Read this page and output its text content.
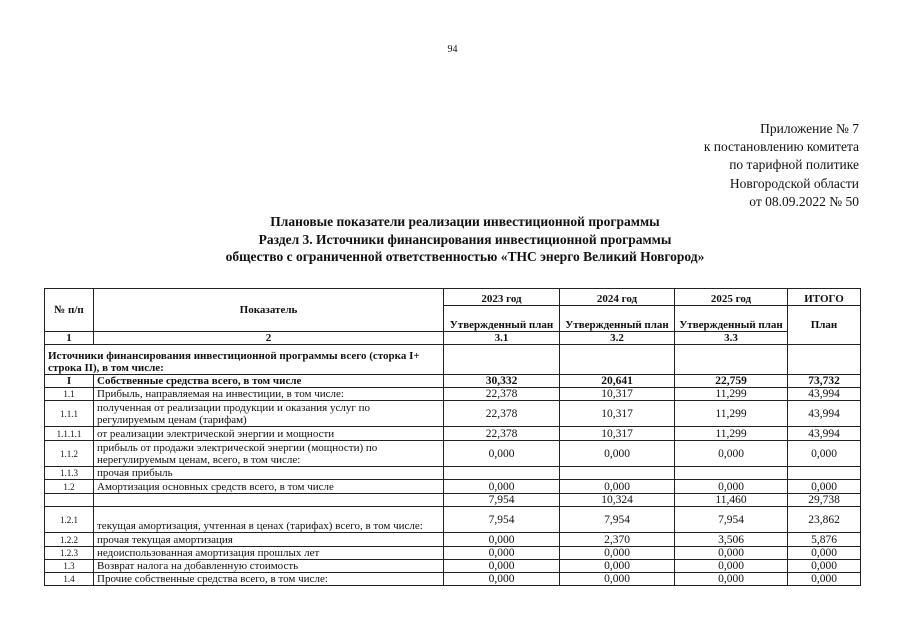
94
Приложение № 7
к постановлению комитета
по тарифной политике
Новгородской области
от 08.09.2022 № 50
Плановые показатели реализации инвестиционной программы
Раздел 3. Источники финансирования инвестиционной программы
общество с ограниченной ответственностью «ТНС энерго Великий Новгород»
№ п/п	Показатель	2023 год	2024 год	2025 год	ИТОГО
		Утвержденный план	Утвержденный план	Утвержденный план	План
1	2	3.1	3.2	3.3	
Источники финансирования инвестиционной программы всего (сторка I+ строка II), в том числе:					
I	Собственные средства всего, в том числе	30,332	20,641	22,759	73,732
1.1	Прибыль, направляемая на инвестиции, в том числе:	22,378	10,317	11,299	43,994
1.1.1	полученная от реализации продукции и оказания услуг по регулируемым ценам (тарифам)	22,378	10,317	11,299	43,994
1.1.1.1	от реализации электрической энергии и мощности	22,378	10,317	11,299	43,994
1.1.2	прибыль от продажи электрической энергии (мощности) по нерегулируемым ценам, всего, в том числе:	0,000	0,000	0,000	0,000
1.1.3	прочая прибыль				
1.2	Амортизация основных средств всего, в том числе	0,000	0,000	0,000	0,000
		7,954	10,324	11,460	29,738
1.2.1	текущая амортизация, учтенная в ценах (тарифах) всего, в том числе:	7,954	7,954	7,954	23,862
1.2.2	прочая текущая амортизация	0,000	2,370	3,506	5,876
1.2.3	недоиспользованная амортизация прошлых лет	0,000	0,000	0,000	0,000
1.3	Возврат налога на добавленную стоимость	0,000	0,000	0,000	0,000
1.4	Прочие собственные средства всего, в том числе:	0,000	0,000	0,000	0,000
